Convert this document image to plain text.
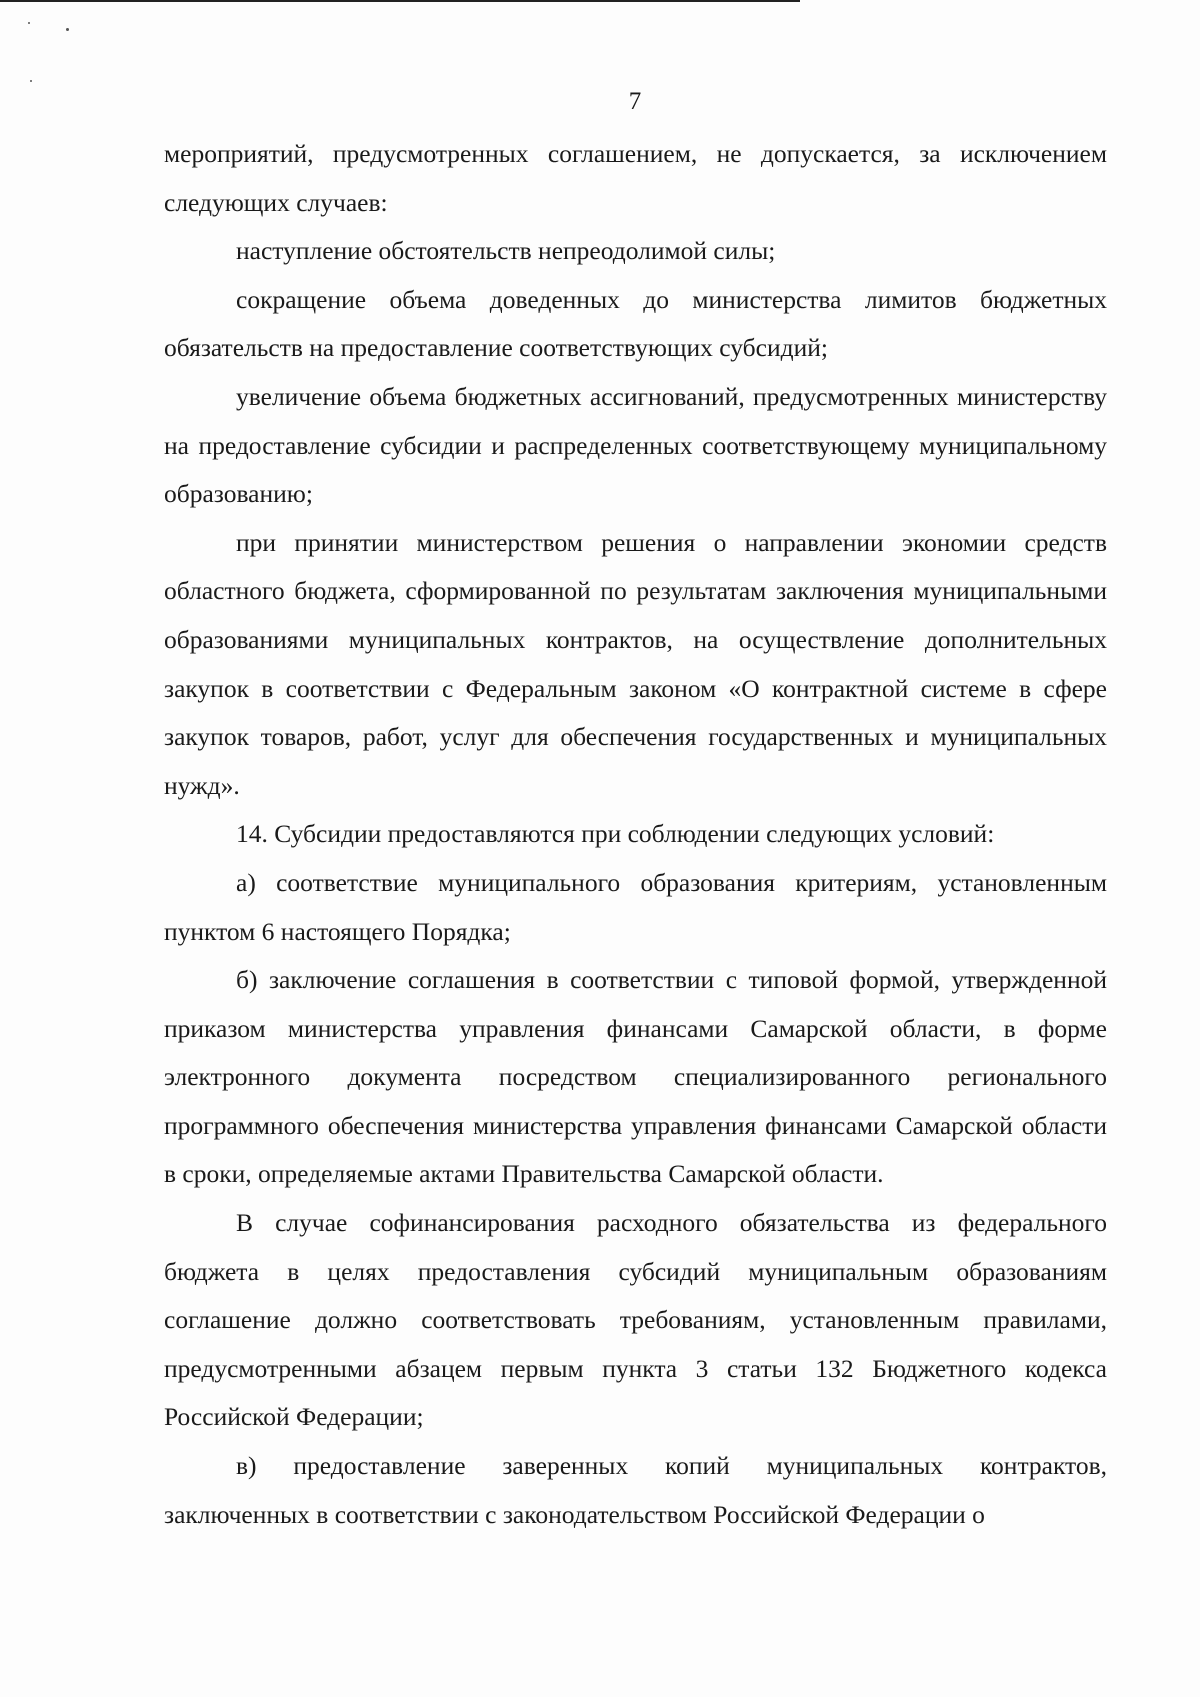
7

мероприятий, предусмотренных соглашением, не допускается, за исключением следующих случаев:

наступление обстоятельств непреодолимой силы;

сокращение объема доведенных до министерства лимитов бюджетных обязательств на предоставление соответствующих субсидий;

увеличение объема бюджетных ассигнований, предусмотренных министерству на предоставление субсидии и распределенных соответствующему муниципальному образованию;

при принятии министерством решения о направлении экономии средств областного бюджета, сформированной по результатам заключения муниципальными образованиями муниципальных контрактов, на осуществление дополнительных закупок в соответствии с Федеральным законом «О контрактной системе в сфере закупок товаров, работ, услуг для обеспечения государственных и муниципальных нужд».

14. Субсидии предоставляются при соблюдении следующих условий:

а) соответствие муниципального образования критериям, установленным пунктом 6 настоящего Порядка;

б) заключение соглашения в соответствии с типовой формой, утвержденной приказом министерства управления финансами Самарской области, в форме электронного документа посредством специализированного регионального программного обеспечения министерства управления финансами Самарской области в сроки, определяемые актами Правительства Самарской области.

В случае софинансирования расходного обязательства из федерального бюджета в целях предоставления субсидий муниципальным образованиям соглашение должно соответствовать требованиям, установленным правилами, предусмотренными абзацем первым пункта 3 статьи 132 Бюджетного кодекса Российской Федерации;

в) предоставление заверенных копий муниципальных контрактов, заключенных в соответствии с законодательством Российской Федерации о
